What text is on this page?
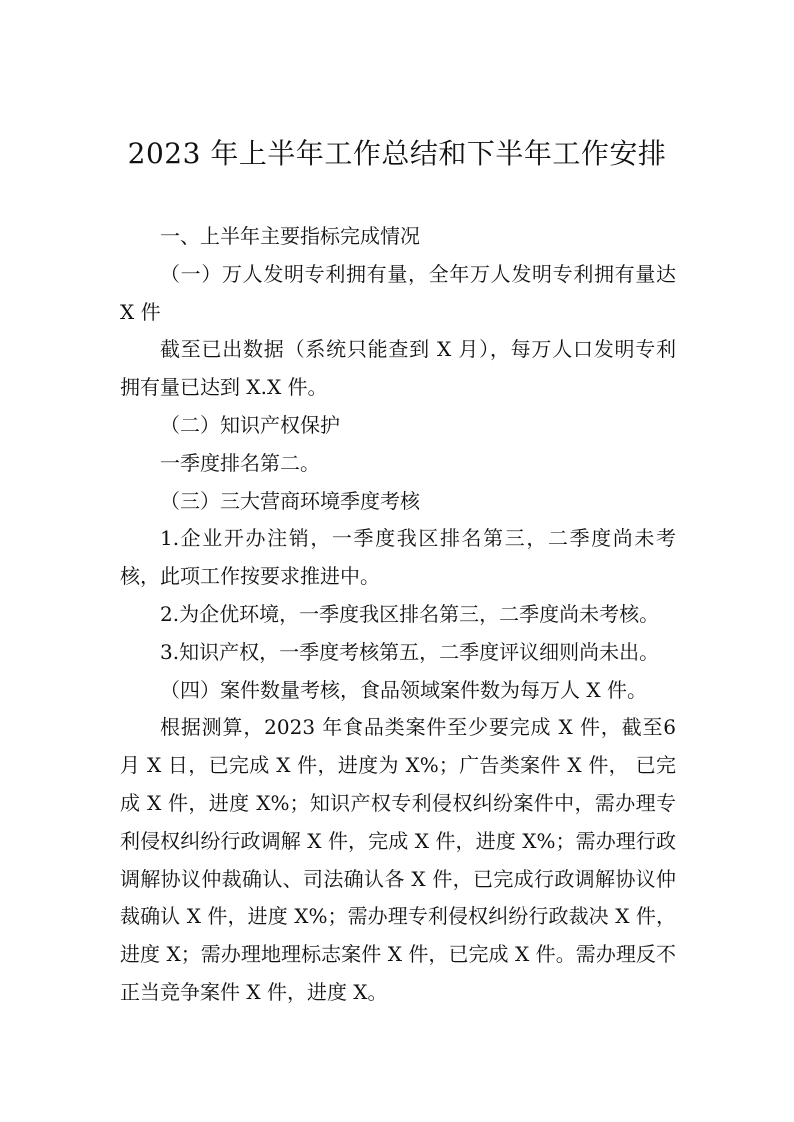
2023 年上半年工作总结和下半年工作安排

一、上半年主要指标完成情况

（一）万人发明专利拥有量，全年万人发明专利拥有量达 X 件

截至已出数据（系统只能查到 X 月），每万人口发明专利拥有量已达到 X.X 件。

（二）知识产权保护

一季度排名第二。

（三）三大营商环境季度考核

1.企业开办注销，一季度我区排名第三，二季度尚未考核，此项工作按要求推进中。

2.为企优环境，一季度我区排名第三，二季度尚未考核。

3.知识产权，一季度考核第五，二季度评议细则尚未出。

（四）案件数量考核，食品领域案件数为每万人 X 件。

根据测算，2023 年食品类案件至少要完成 X 件，截至6 月 X 日，已完成 X 件，进度为 X%；广告类案件 X 件， 已完成 X 件，进度 X%；知识产权专利侵权纠纷案件中，需办理专利侵权纠纷行政调解 X 件，完成 X 件，进度 X%；需办理行政调解协议仲裁确认、司法确认各 X 件，已完成行政调解协议仲裁确认 X 件，进度 X%；需办理专利侵权纠纷行政裁决 X 件，进度 X；需办理地理标志案件 X 件，已完成 X 件。需办理反不正当竞争案件 X 件，进度 X。
